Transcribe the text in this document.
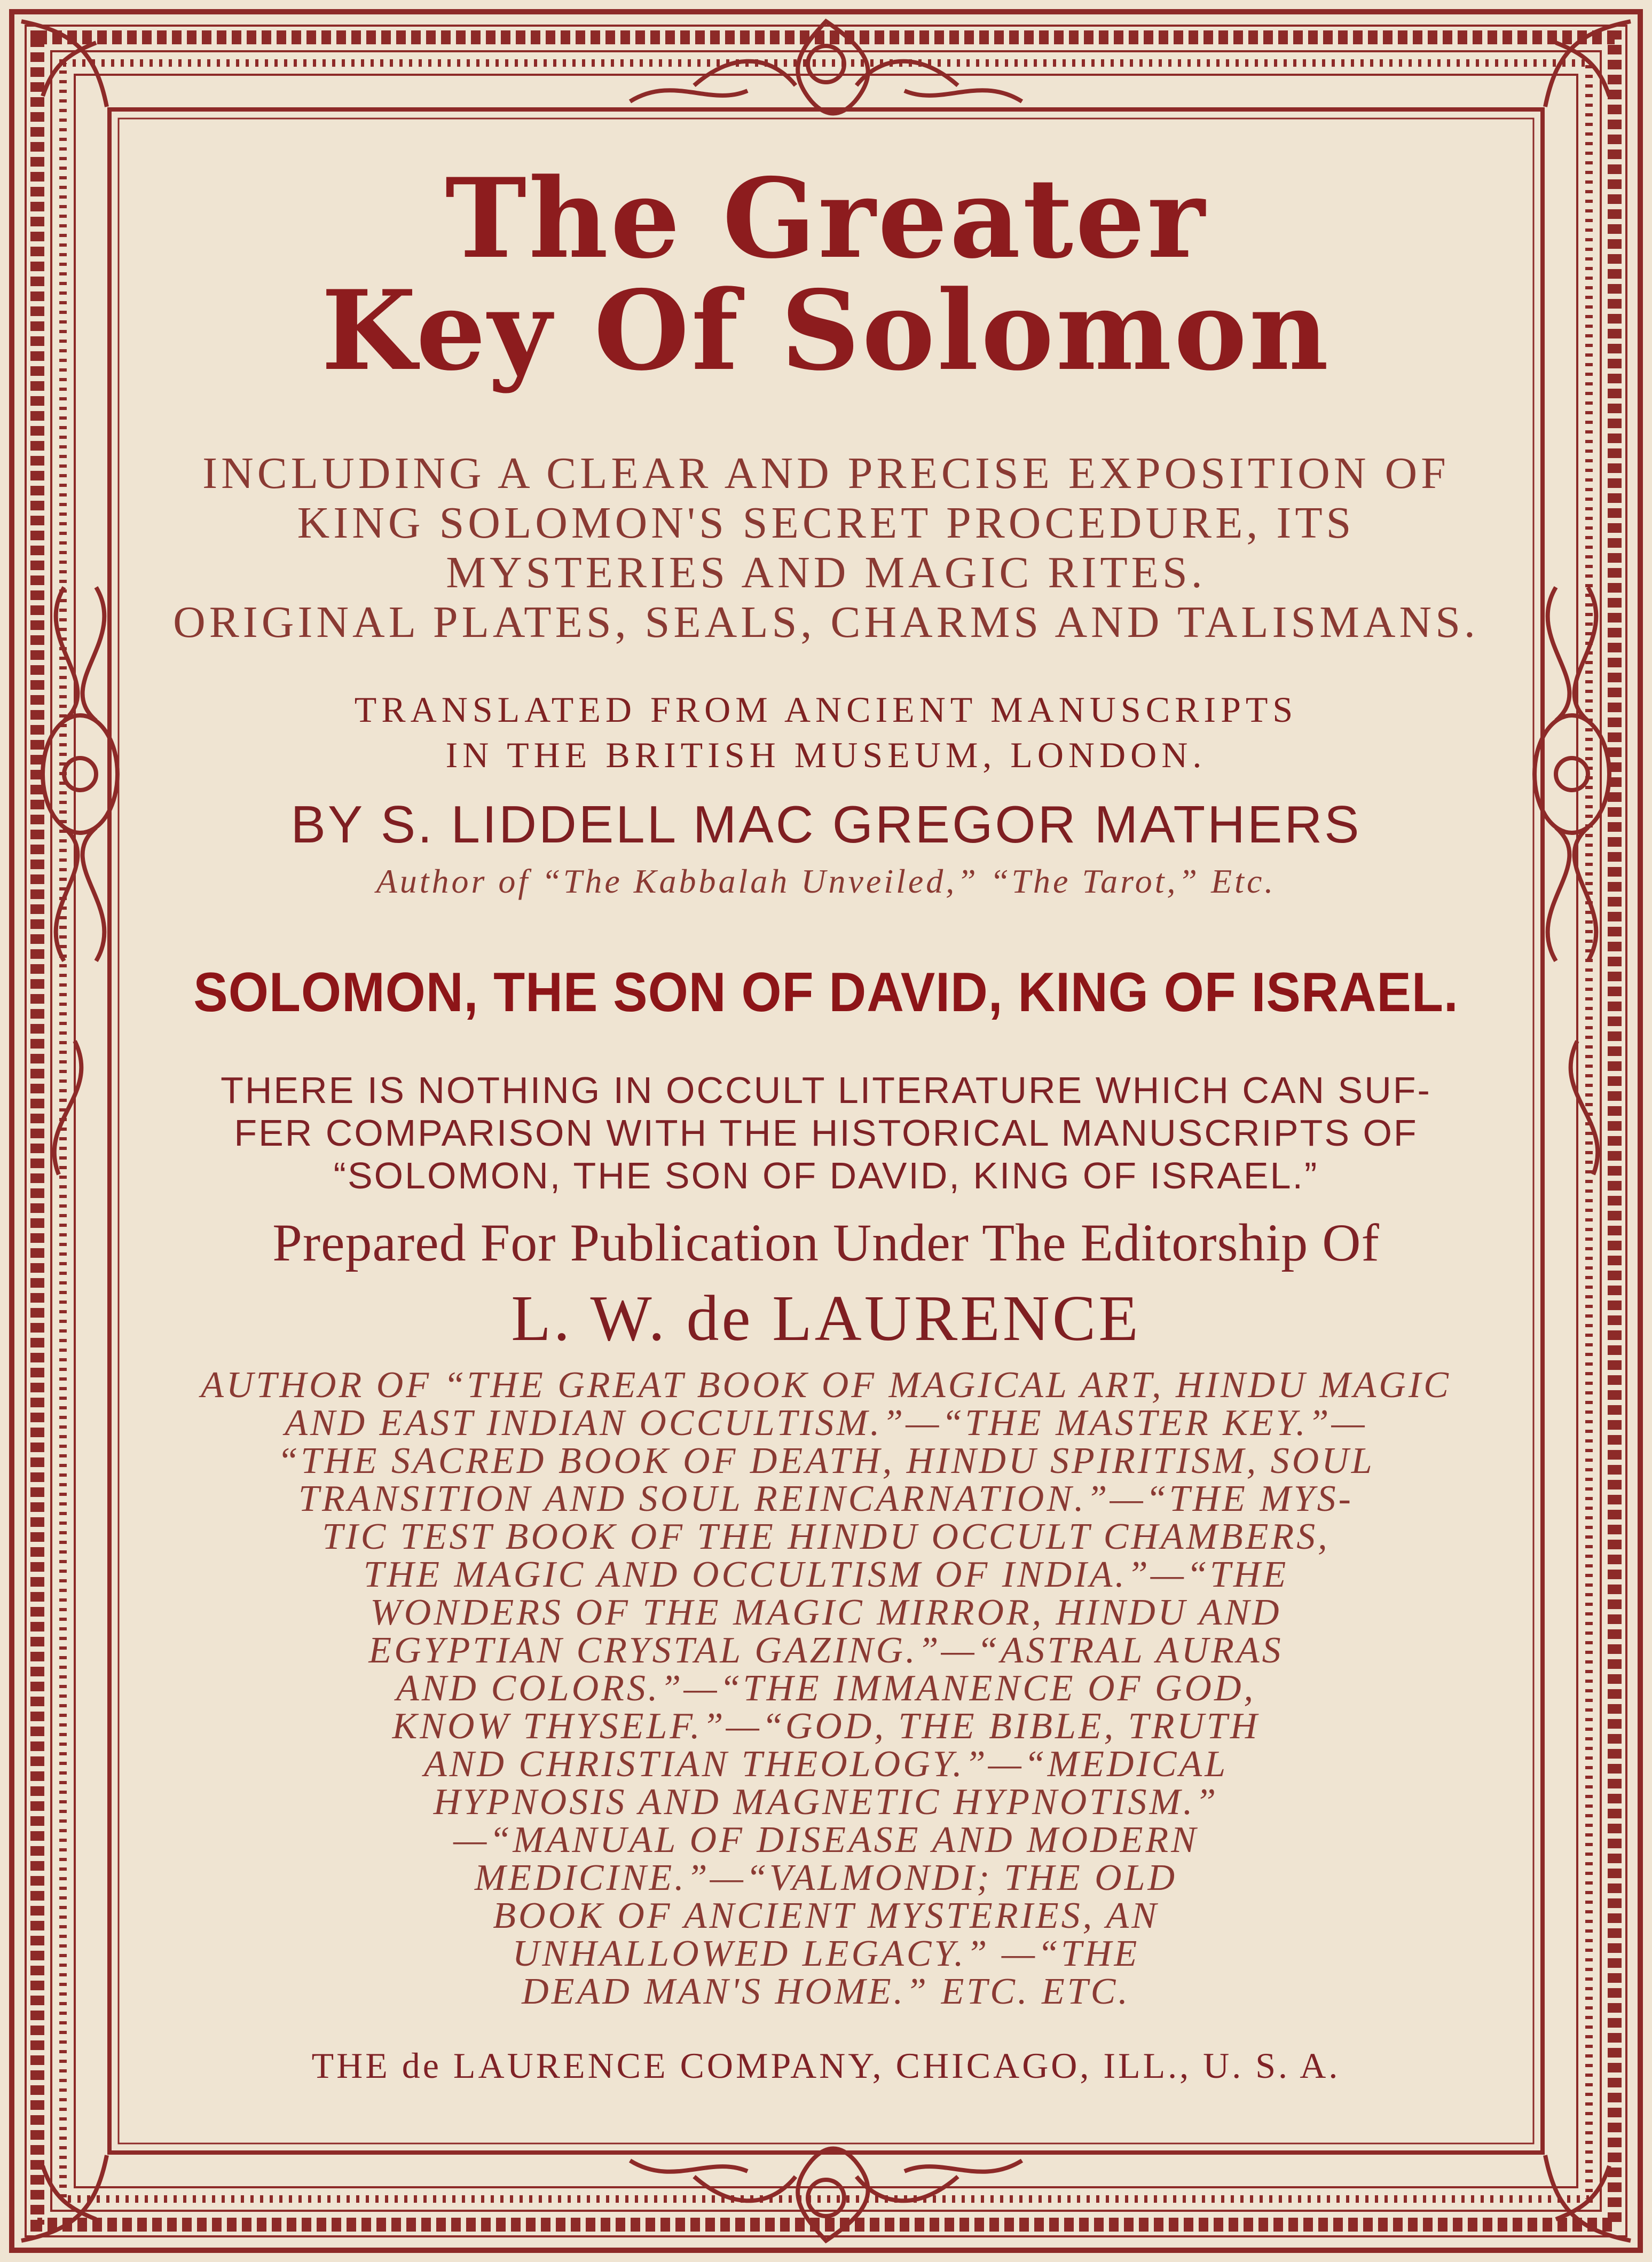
The Greater
Key Of Solomon
INCLUDING A CLEAR AND PRECISE EXPOSITION OF
KING SOLOMON'S SECRET PROCEDURE, ITS
MYSTERIES AND MAGIC RITES.
ORIGINAL PLATES, SEALS, CHARMS AND TALISMANS.
TRANSLATED FROM ANCIENT MANUSCRIPTS
IN THE BRITISH MUSEUM, LONDON.
BY S. LIDDELL MAC GREGOR MATHERS
Author of “The Kabbalah Unveiled,” “The Tarot,” Etc.
SOLOMON, THE SON OF DAVID, KING OF ISRAEL.
THERE IS NOTHING IN OCCULT LITERATURE WHICH CAN SUF-
FER COMPARISON WITH THE HISTORICAL MANUSCRIPTS OF
“SOLOMON, THE SON OF DAVID, KING OF ISRAEL.”
Prepared For Publication Under The Editorship Of
L. W. de LAURENCE
AUTHOR OF “THE GREAT BOOK OF MAGICAL ART, HINDU MAGIC
AND EAST INDIAN OCCULTISM.”—“THE MASTER KEY.”—
“THE SACRED BOOK OF DEATH, HINDU SPIRITISM, SOUL
TRANSITION AND SOUL REINCARNATION.”—“THE MYS-
TIC TEST BOOK OF THE HINDU OCCULT CHAMBERS,
THE MAGIC AND OCCULTISM OF INDIA.”—“THE
WONDERS OF THE MAGIC MIRROR, HINDU AND
EGYPTIAN CRYSTAL GAZING.”—“ASTRAL AURAS
AND COLORS.”—“THE IMMANENCE OF GOD,
KNOW THYSELF.”—“GOD, THE BIBLE, TRUTH
AND CHRISTIAN THEOLOGY.”—“MEDICAL
HYPNOSIS AND MAGNETIC HYPNOTISM.”
—“MANUAL OF DISEASE AND MODERN
MEDICINE.”—“VALMONDI; THE OLD
BOOK OF ANCIENT MYSTERIES, AN
UNHALLOWED LEGACY.” —“THE
DEAD MAN'S HOME.” ETC. ETC.
THE de LAURENCE COMPANY, CHICAGO, ILL., U. S. A.
